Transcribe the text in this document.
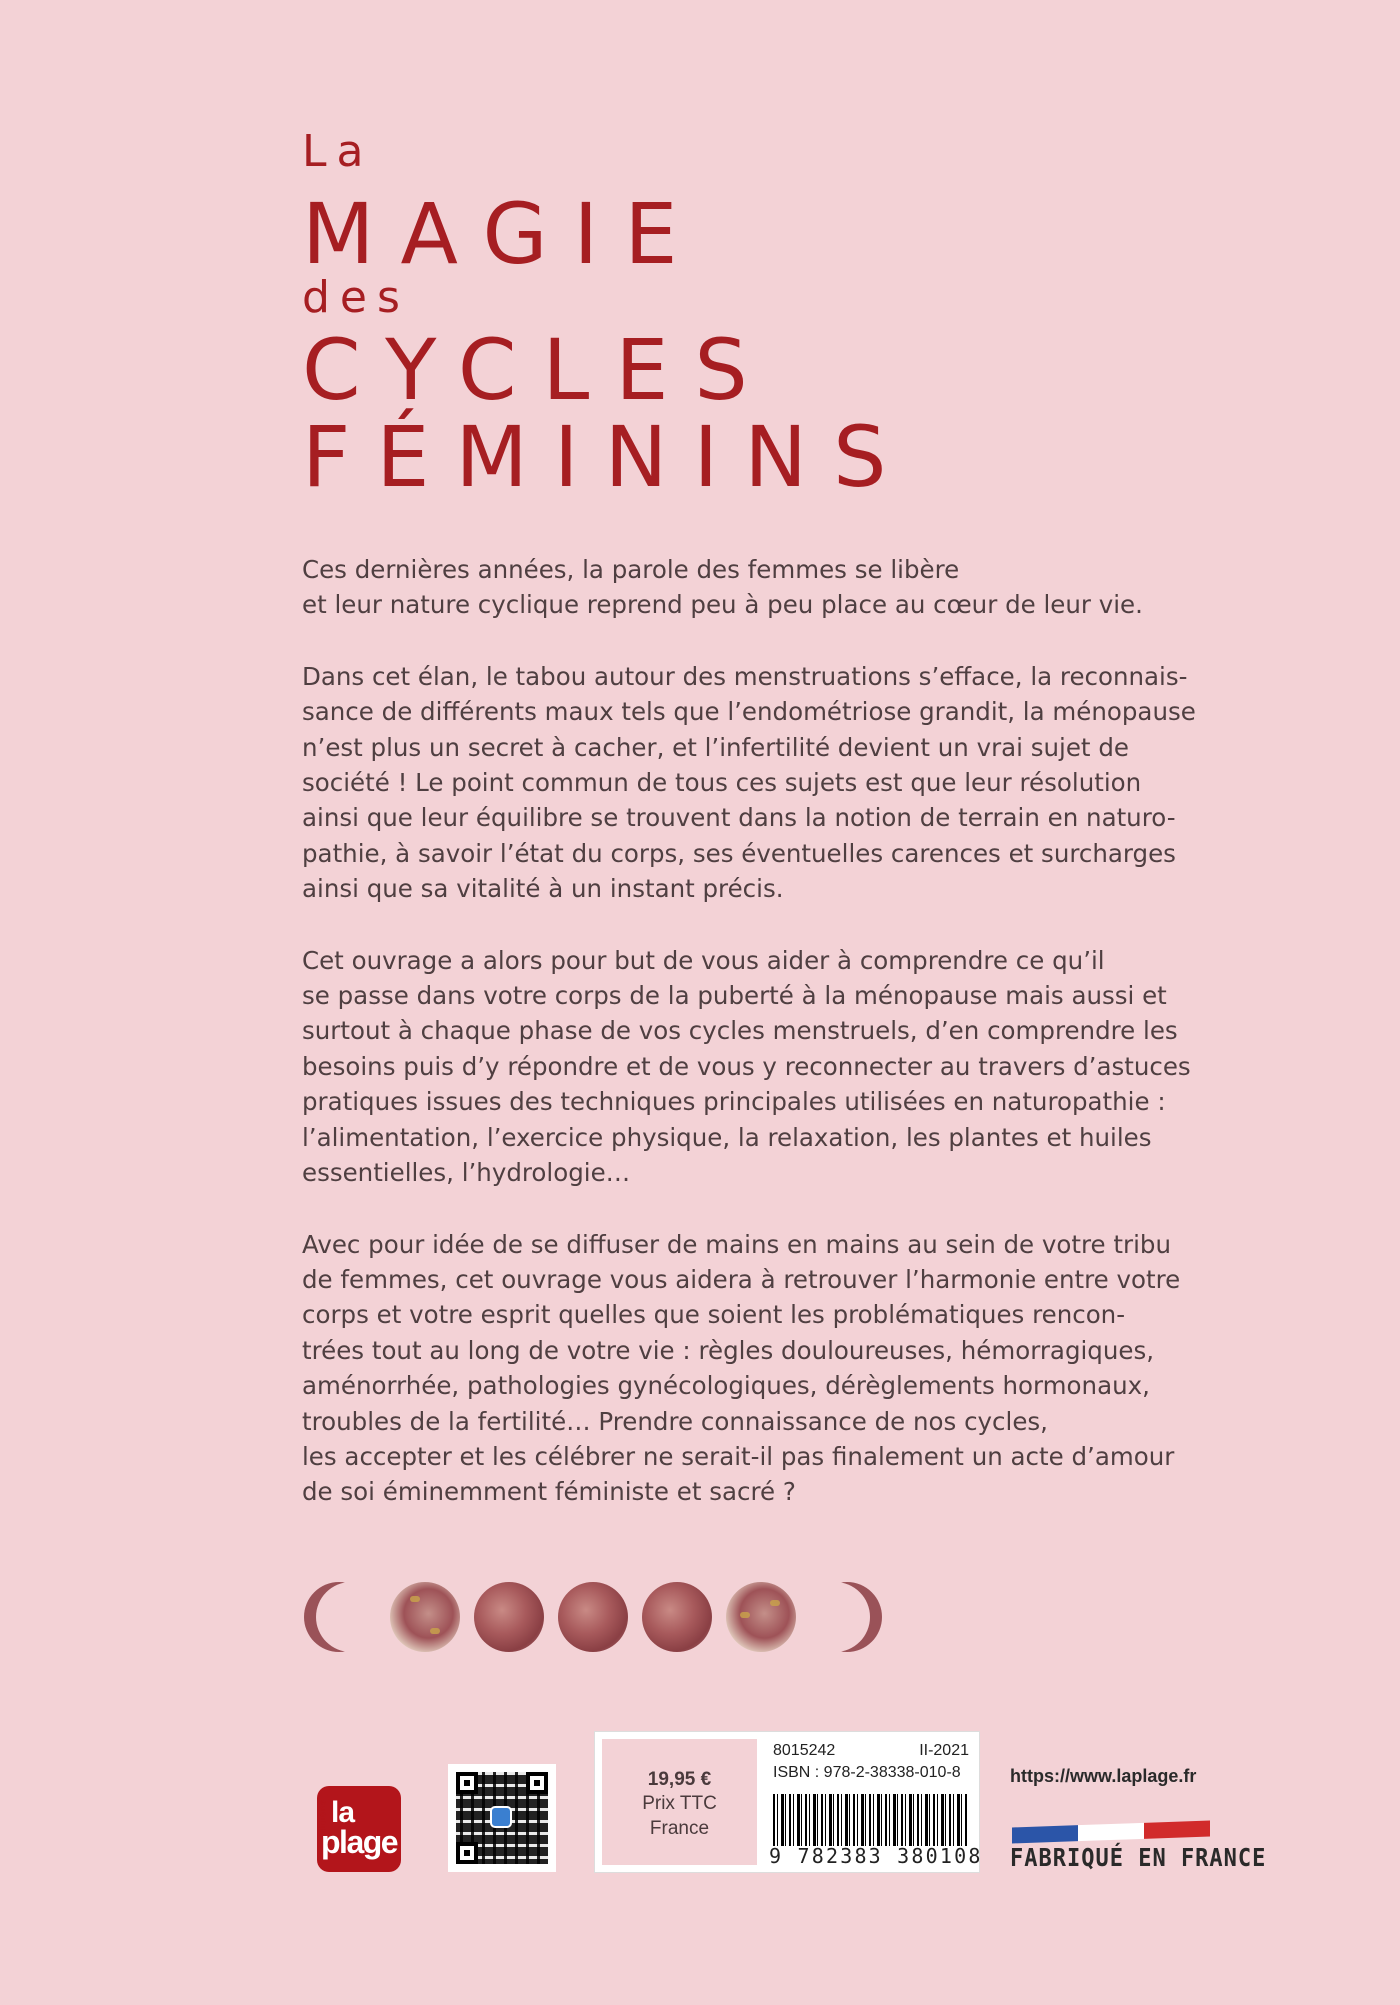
La
MAGIE
des
CYCLES
FÉMININS

Ces dernières années, la parole des femmes se libère
et leur nature cyclique reprend peu à peu place au cœur de leur vie.

Dans cet élan, le tabou autour des menstruations s’efface, la reconnais-
sance de différents maux tels que l’endométriose grandit, la ménopause
n’est plus un secret à cacher, et l’infertilité devient un vrai sujet de
société ! Le point commun de tous ces sujets est que leur résolution
ainsi que leur équilibre se trouvent dans la notion de terrain en naturo-
pathie, à savoir l’état du corps, ses éventuelles carences et surcharges
ainsi que sa vitalité à un instant précis.

Cet ouvrage a alors pour but de vous aider à comprendre ce qu’il
se passe dans votre corps de la puberté à la ménopause mais aussi et
surtout à chaque phase de vos cycles menstruels, d’en comprendre les
besoins puis d’y répondre et de vous y reconnecter au travers d’astuces
pratiques issues des techniques principales utilisées en naturopathie :
l’alimentation, l’exercice physique, la relaxation, les plantes et huiles
essentielles, l’hydrologie…

Avec pour idée de se diffuser de mains en mains au sein de votre tribu
de femmes, cet ouvrage vous aidera à retrouver l’harmonie entre votre
corps et votre esprit quelles que soient les problématiques rencon-
trées tout au long de votre vie : règles douloureuses, hémorragiques,
aménorrhée, pathologies gynécologiques, dérèglements hormonaux,
troubles de la fertilité… Prendre connaissance de nos cycles,
les accepter et les célébrer ne serait-il pas finalement un acte d’amour
de soi éminemment féministe et sacré ?

éditions la
plage
19,95 €
Prix TTC
France
8015242	II-2021
ISBN : 978-2-38338-010-8
9 782383 380108
https://www.laplage.fr
FABRIQUÉ EN FRANCE
